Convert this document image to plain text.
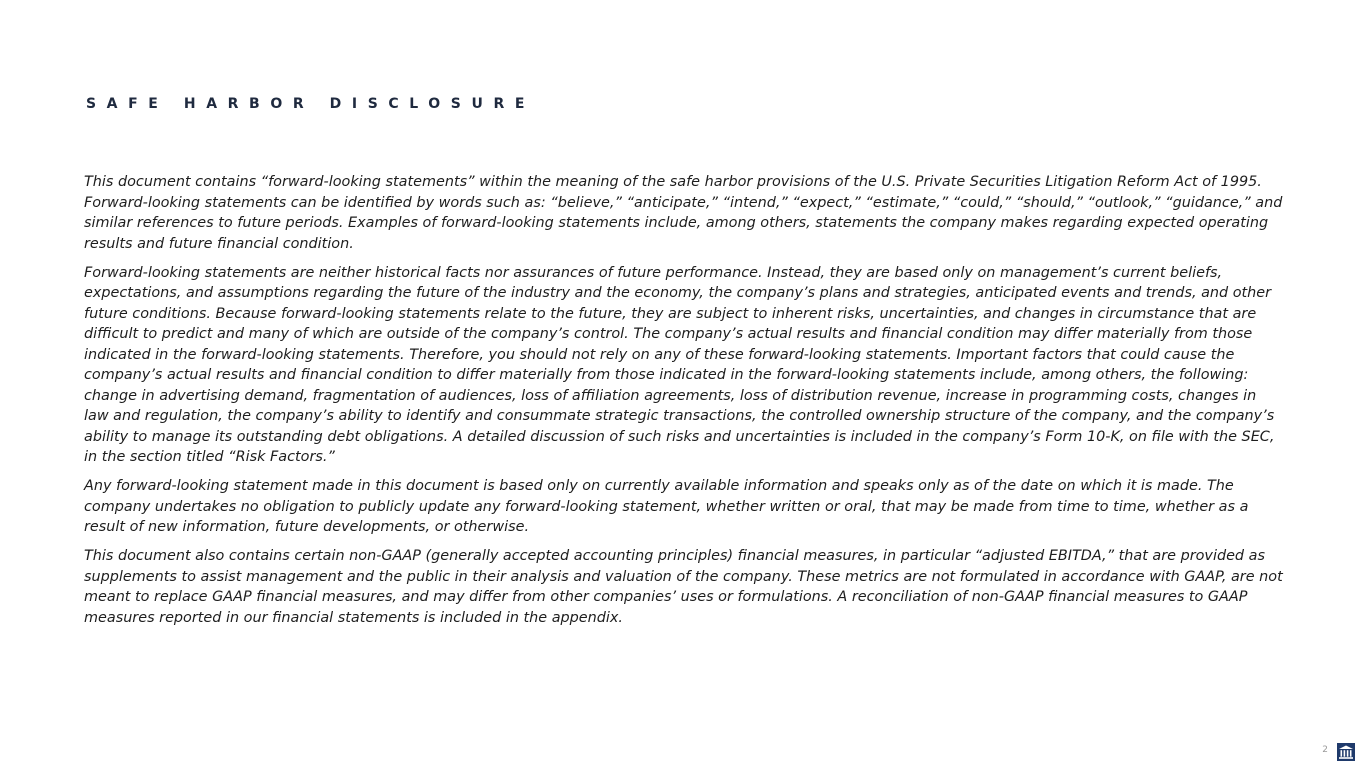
SAFE HARBOR DISCLOSURE

This document contains “forward-looking statements” within the meaning of the safe harbor provisions of the U.S. Private Securities Litigation Reform Act of 1995. Forward-looking statements can be identified by words such as: “believe,” “anticipate,” “intend,” “expect,” “estimate,” “could,” “should,” “outlook,” “guidance,” and similar references to future periods. Examples of forward-looking statements include, among others, statements the company makes regarding expected operating results and future financial condition.

Forward-looking statements are neither historical facts nor assurances of future performance. Instead, they are based only on management’s current beliefs, expectations, and assumptions regarding the future of the industry and the economy, the company’s plans and strategies, anticipated events and trends, and other future conditions. Because forward-looking statements relate to the future, they are subject to inherent risks, uncertainties, and changes in circumstance that are difficult to predict and many of which are outside of the company’s control. The company’s actual results and financial condition may differ materially from those indicated in the forward-looking statements. Therefore, you should not rely on any of these forward-looking statements. Important factors that could cause the company’s actual results and financial condition to differ materially from those indicated in the forward-looking statements include, among others, the following: change in advertising demand, fragmentation of audiences, loss of affiliation agreements, loss of distribution revenue, increase in programming costs, changes in law and regulation, the company’s ability to identify and consummate strategic transactions, the controlled ownership structure of the company, and the company’s ability to manage its outstanding debt obligations. A detailed discussion of such risks and uncertainties is included in the company’s Form 10-K, on file with the SEC, in the section titled “Risk Factors.”

Any forward-looking statement made in this document is based only on currently available information and speaks only as of the date on which it is made. The company undertakes no obligation to publicly update any forward-looking statement, whether written or oral, that may be made from time to time, whether as a result of new information, future developments, or otherwise.

This document also contains certain non-GAAP (generally accepted accounting principles) financial measures, in particular “adjusted EBITDA,” that are provided as supplements to assist management and the public in their analysis and valuation of the company. These metrics are not formulated in accordance with GAAP, are not meant to replace GAAP financial measures, and may differ from other companies’ uses or formulations. A reconciliation of non-GAAP financial measures to GAAP measures reported in our financial statements is included in the appendix.

2
